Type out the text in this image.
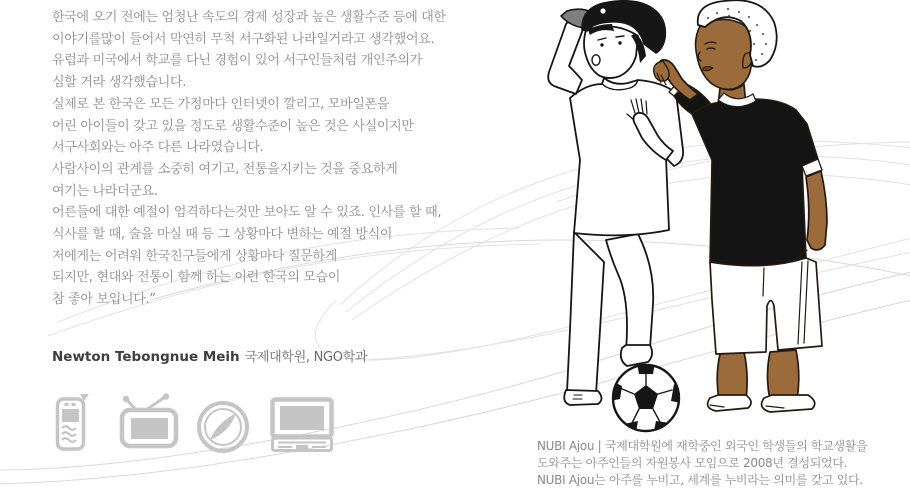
한국에 오기 전에는 엄청난 속도의 경제 성장과 높은 생활수준 등에 대한
이야기를많이 들어서 막연히 무척 서구화된 나라일거라고 생각했어요.
유럽과 미국에서 학교를 다닌 경험이 있어 서구인들처럼 개인주의가
심할 거라 생각했습니다.
실제로 본 한국은 모든 가정마다 인터넷이 깔리고, 모바일폰을
어린 아이들이 갖고 있을 정도로 생활수준이 높은 것은 사실이지만
서구사회와는 아주 다른 나라였습니다.
사람사이의 관계를 소중히 여기고, 전통을지키는 것을 중요하게
여기는 나라더군요.
어른들에 대한 예절이 엄격하다는것만 보아도 알 수 있죠. 인사를 할 때,
식사를 할 때, 술을 마실 때 등 그 상황마다 변하는 예절 방식이
저에게는 어려워 한국친구들에게 상황마다 질문하게
되지만, 현대와 전통이 함께 하는 이런 한국의 모습이
참 좋아 보입니다.”
Newton Tebongnue Meih 국제대학원, NGO학과
NUBI Ajou | 국제대학원에 재학중인 외국인 학생들의 학교생활을
도와주는 아주인들의 자원봉사 모임으로 2008년 결성되었다.
NUBI Ajou는 아주를 누비고, 세계를 누비라는 의미를 갖고 있다.
